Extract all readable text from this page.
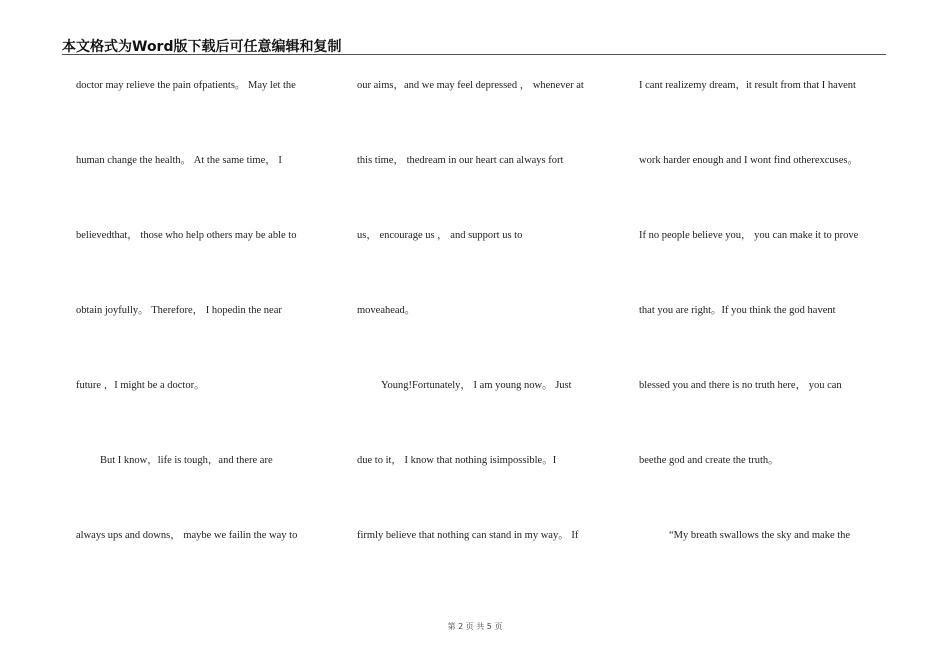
本文格式为Word版下载后可任意编辑和复制
doctor may relieve the pain ofpatients。 May let the
human change the health。 At the same time， I
believedthat， those who help others may be able to
obtain joyfully。 Therefore， I hopedin the near
future ，I might be a doctor。
But I know，life is tough，and there are
always ups and downs， maybe we failin the way to
our aims，and we may feel depressed ， whenever at
this time， thedream in our heart can always fort
us， encourage us ， and support us to
moveahead。
Young!Fortunately， I am young now。 Just
due to it， I know that nothing isimpossible。I
firmly believe that nothing can stand in my way。 If
I cant realizemy dream，it result from that I havent
work harder enough and I wont find otherexcuses。
If no people believe you， you can make it to prove
that you are right。If you think the god havent
blessed you and there is no truth here， you can
beethe god and create the truth。
“My breath swallows the sky and make the
第 2 页 共 5 页
